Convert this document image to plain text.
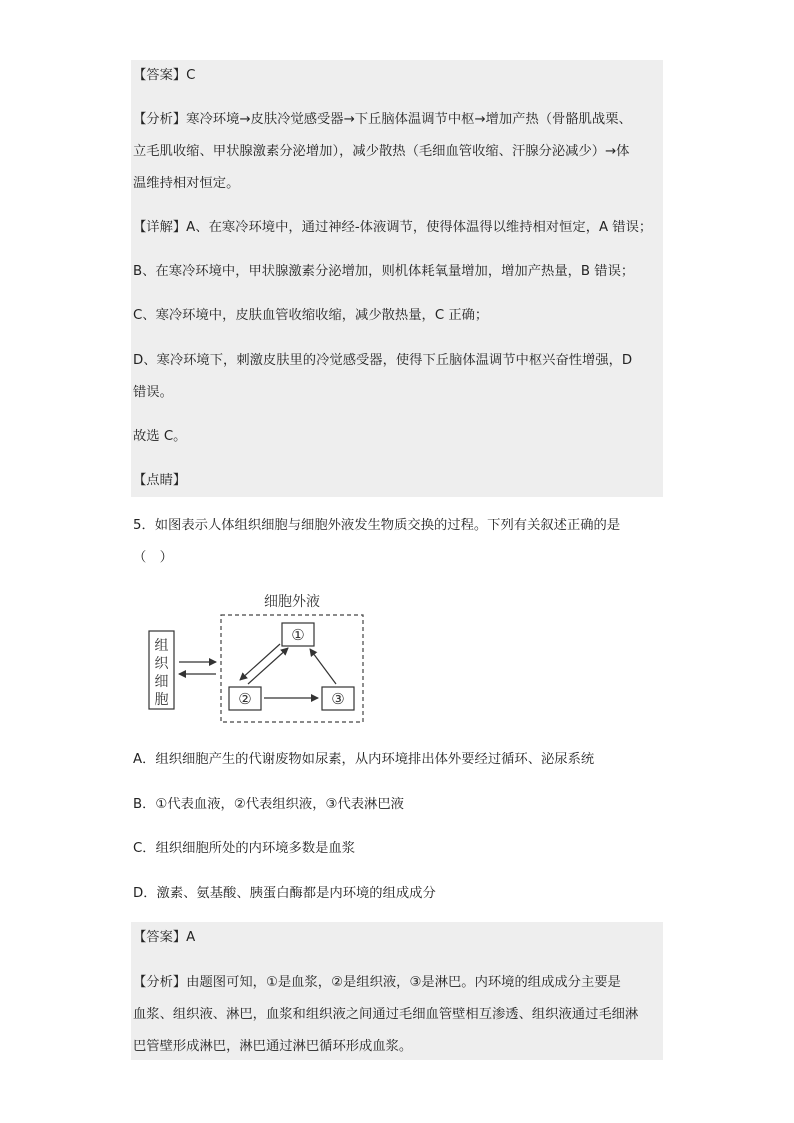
【答案】C
【分析】寒冷环境→皮肤冷觉感受器→下丘脑体温调节中枢→增加产热（骨骼肌战栗、
立毛肌收缩、甲状腺激素分泌增加），减少散热（毛细血管收缩、汗腺分泌减少）→体
温维持相对恒定。
【详解】A、在寒冷环境中，通过神经-体液调节，使得体温得以维持相对恒定，A 错误；
B、在寒冷环境中，甲状腺激素分泌增加，则机体耗氧量增加，增加产热量，B 错误；
C、寒冷环境中，皮肤血管收缩收缩，减少散热量，C 正确；
D、寒冷环境下，刺激皮肤里的冷觉感受器，使得下丘脑体温调节中枢兴奋性增强，D
错误。
故选 C。
【点睛】
5．如图表示人体组织细胞与细胞外液发生物质交换的过程。下列有关叙述正确的是
（　）
细胞外液
组
织
细
胞
①
②	③
A．组织细胞产生的代谢废物如尿素，从内环境排出体外要经过循环、泌尿系统
B．①代表血液，②代表组织液，③代表淋巴液
C．组织细胞所处的内环境多数是血浆
D．激素、氨基酸、胰蛋白酶都是内环境的组成成分
【答案】A
【分析】由题图可知，①是血浆，②是组织液，③是淋巴。内环境的组成成分主要是
血浆、组织液、淋巴，血浆和组织液之间通过毛细血管壁相互渗透、组织液通过毛细淋
巴管壁形成淋巴，淋巴通过淋巴循环形成血浆。
